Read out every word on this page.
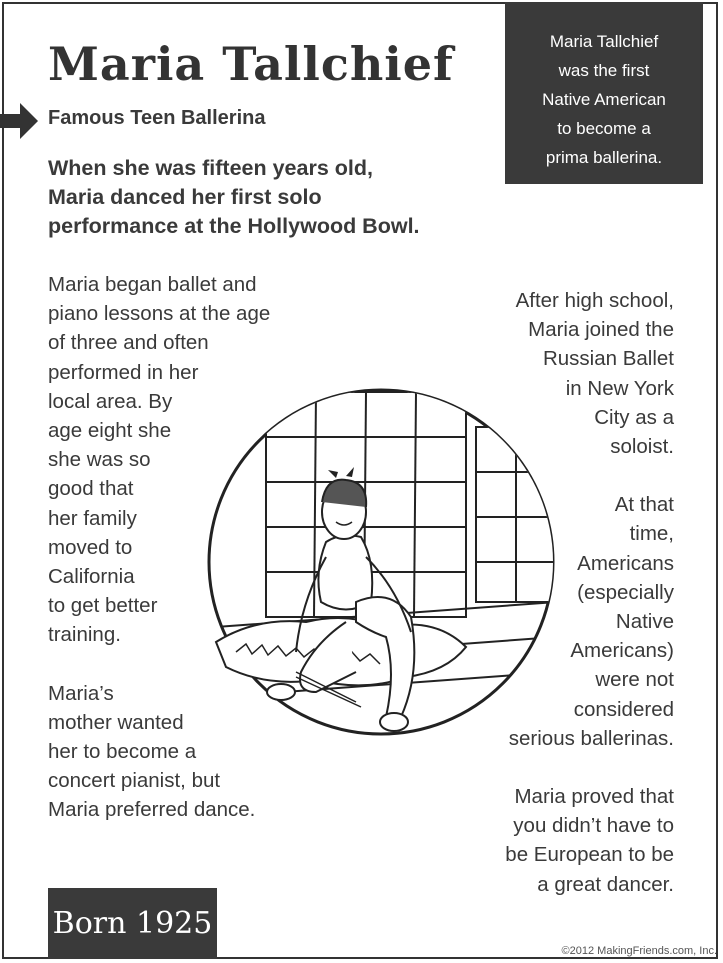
Maria Tallchief
Famous Teen Ballerina
When she was fifteen years old,
Maria danced her first solo
performance at the Hollywood Bowl.
Maria Tallchief
was the first
Native American
to become a
prima ballerina.
Maria began ballet and
piano lessons at the age
of three and often
performed in her
local area. By
age eight she
she was so
good that
her family
moved to
California
to get better
training.
Maria’s
mother wanted
her to become a
concert pianist, but
Maria preferred dance.
After high school,
Maria joined the
Russian Ballet
in New York
City as a
soloist.
At that
time,
Americans
(especially
Native
Americans)
were not
considered
serious ballerinas.
Maria proved that
you didn’t have to
be European to be
a great dancer.
Born 1925
©2012 MakingFriends.com, Inc.
